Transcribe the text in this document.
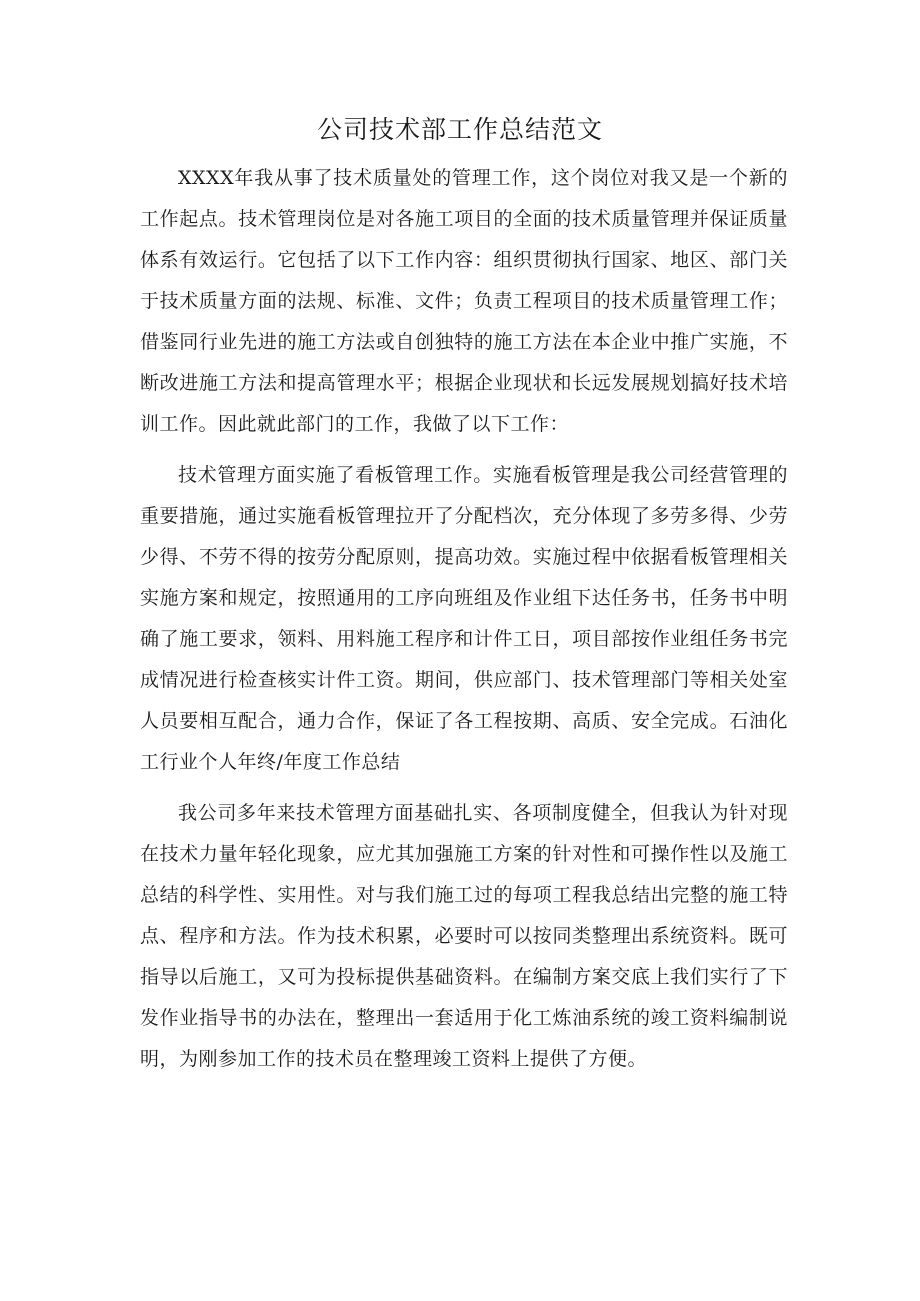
公司技术部工作总结范文

XXXX年我从事了技术质量处的管理工作，这个岗位对我又是一个新的工作起点。技术管理岗位是对各施工项目的全面的技术质量管理并保证质量体系有效运行。它包括了以下工作内容：组织贯彻执行国家、地区、部门关于技术质量方面的法规、标准、文件；负责工程项目的技术质量管理工作；借鉴同行业先进的施工方法或自创独特的施工方法在本企业中推广实施，不断改进施工方法和提高管理水平；根据企业现状和长远发展规划搞好技术培训工作。因此就此部门的工作，我做了以下工作：

技术管理方面实施了看板管理工作。实施看板管理是我公司经营管理的重要措施，通过实施看板管理拉开了分配档次，充分体现了多劳多得、少劳少得、不劳不得的按劳分配原则，提高功效。实施过程中依据看板管理相关实施方案和规定，按照通用的工序向班组及作业组下达任务书，任务书中明确了施工要求，领料、用料施工程序和计件工日，项目部按作业组任务书完成情况进行检查核实计件工资。期间，供应部门、技术管理部门等相关处室人员要相互配合，通力合作，保证了各工程按期、高质、安全完成。石油化工行业个人年终/年度工作总结

我公司多年来技术管理方面基础扎实、各项制度健全，但我认为针对现在技术力量年轻化现象，应尤其加强施工方案的针对性和可操作性以及施工总结的科学性、实用性。对与我们施工过的每项工程我总结出完整的施工特点、程序和方法。作为技术积累，必要时可以按同类整理出系统资料。既可指导以后施工，又可为投标提供基础资料。在编制方案交底上我们实行了下发作业指导书的办法在，整理出一套适用于化工炼油系统的竣工资料编制说明，为刚参加工作的技术员在整理竣工资料上提供了方便。
